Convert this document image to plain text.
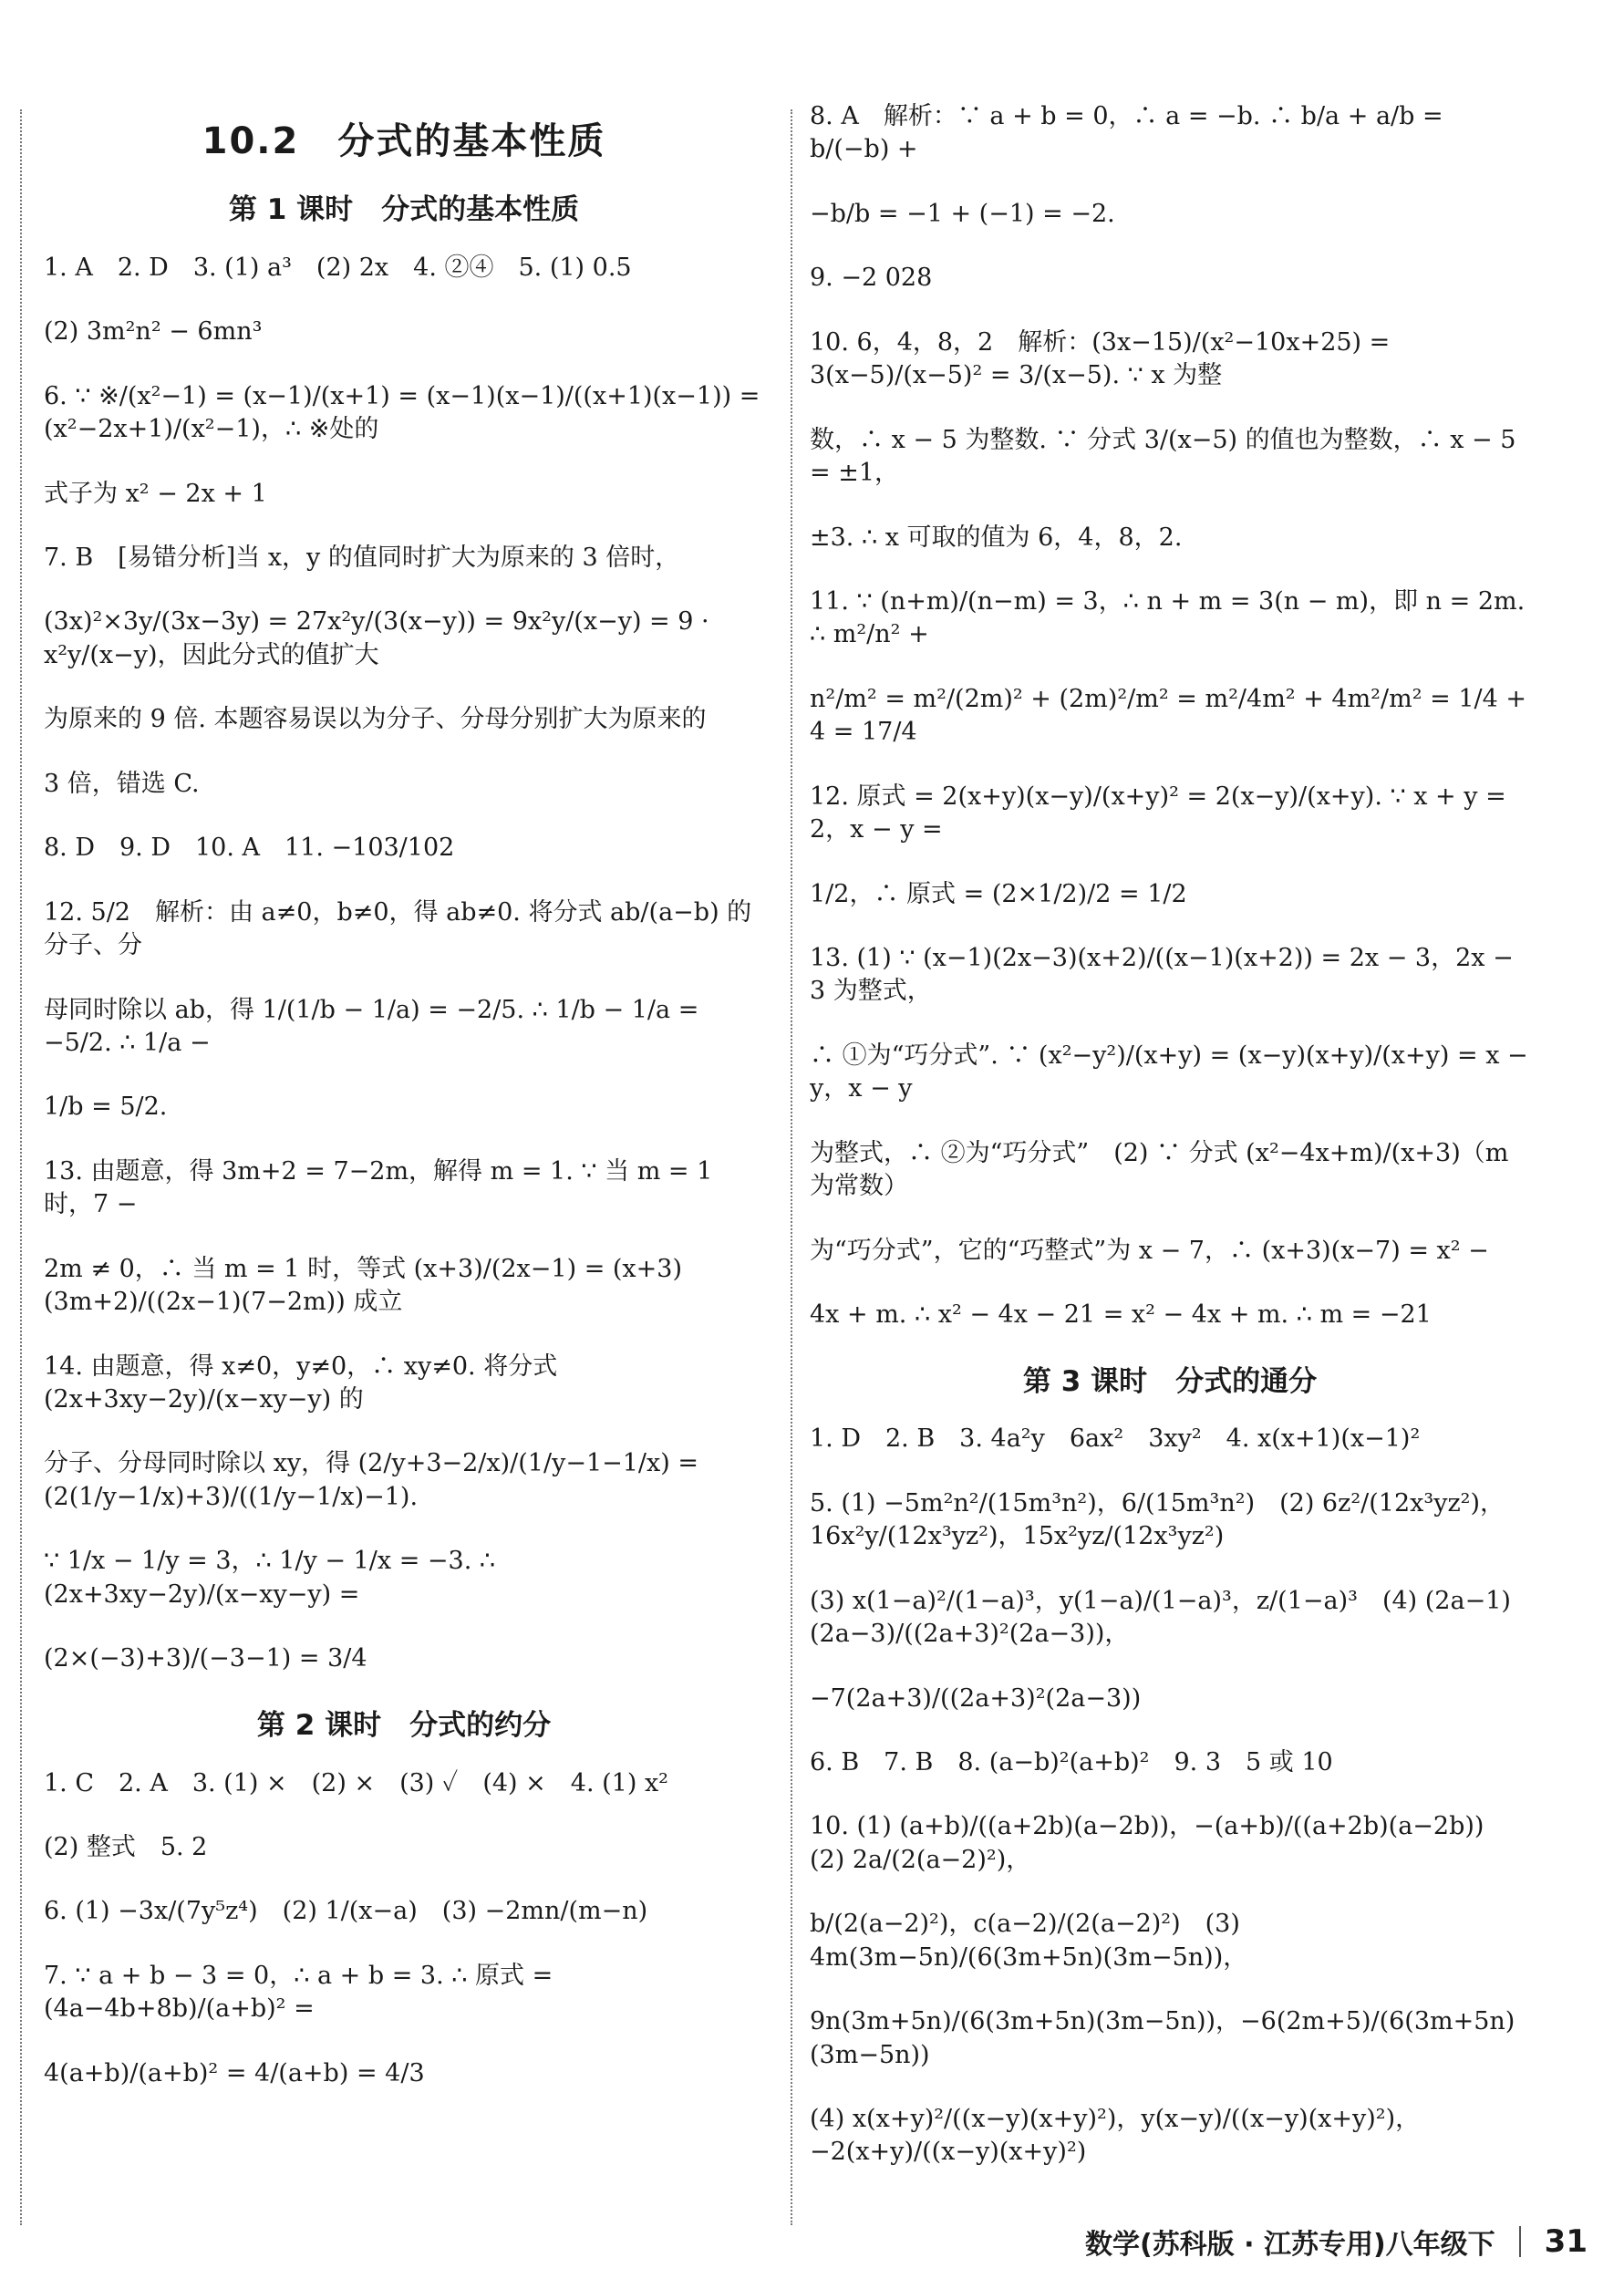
10.2　分式的基本性质
第 1 课时　分式的基本性质
1. A　2. D　3. (1) a³　(2) 2x　4. ②④　5. (1) 0.5
(2) 3m²n² − 6mn³
6. ∵ ※/(x²−1) = (x−1)/(x+1) = (x−1)(x−1)/((x+1)(x−1)) = (x²−2x+1)/(x²−1)，∴ ※处的
式子为 x² − 2x + 1
7. B　[易错分析]当 x，y 的值同时扩大为原来的 3 倍时，
(3x)²×3y/(3x−3y) = 27x²y/(3(x−y)) = 9x²y/(x−y) = 9 · x²y/(x−y)，因此分式的值扩大
为原来的 9 倍. 本题容易误以为分子、分母分别扩大为原来的
3 倍，错选 C.
8. D　9. D　10. A　11. −103/102
12. 5/2　解析：由 a≠0，b≠0，得 ab≠0. 将分式 ab/(a−b) 的分子、分
母同时除以 ab，得 1/(1/b − 1/a) = −2/5. ∴ 1/b − 1/a = −5/2. ∴ 1/a −
1/b = 5/2.
13. 由题意，得 3m+2 = 7−2m，解得 m = 1. ∵ 当 m = 1 时，7 −
2m ≠ 0，∴ 当 m = 1 时，等式 (x+3)/(2x−1) = (x+3)(3m+2)/((2x−1)(7−2m)) 成立
14. 由题意，得 x≠0，y≠0，∴ xy≠0. 将分式 (2x+3xy−2y)/(x−xy−y) 的
分子、分母同时除以 xy，得 (2/y+3−2/x)/(1/y−1−1/x) = (2(1/y−1/x)+3)/((1/y−1/x)−1).
∵ 1/x − 1/y = 3，∴ 1/y − 1/x = −3. ∴ (2x+3xy−2y)/(x−xy−y) =
(2×(−3)+3)/(−3−1) = 3/4
第 2 课时　分式的约分
1. C　2. A　3. (1) ×　(2) ×　(3) ✓　(4) ×　4. (1) x²
(2) 整式　5. 2
6. (1) −3x/(7y⁵z⁴)　(2) 1/(x−a)　(3) −2mn/(m−n)
7. ∵ a + b − 3 = 0，∴ a + b = 3. ∴ 原式 = (4a−4b+8b)/(a+b)² =
4(a+b)/(a+b)² = 4/(a+b) = 4/3
8. A　解析：∵ a + b = 0，∴ a = −b. ∴ b/a + a/b = b/(−b) +
−b/b = −1 + (−1) = −2.
9. −2 028
10. 6，4，8，2　解析：(3x−15)/(x²−10x+25) = 3(x−5)/(x−5)² = 3/(x−5). ∵ x 为整
数，∴ x − 5 为整数. ∵ 分式 3/(x−5) 的值也为整数，∴ x − 5 = ±1，
±3. ∴ x 可取的值为 6，4，8，2.
11. ∵ (n+m)/(n−m) = 3，∴ n + m = 3(n − m)，即 n = 2m. ∴ m²/n² +
n²/m² = m²/(2m)² + (2m)²/m² = m²/4m² + 4m²/m² = 1/4 + 4 = 17/4
12. 原式 = 2(x+y)(x−y)/(x+y)² = 2(x−y)/(x+y). ∵ x + y = 2，x − y =
1/2，∴ 原式 = (2×1/2)/2 = 1/2
13. (1) ∵ (x−1)(2x−3)(x+2)/((x−1)(x+2)) = 2x − 3，2x − 3 为整式，
∴ ①为“巧分式”. ∵ (x²−y²)/(x+y) = (x−y)(x+y)/(x+y) = x − y，x − y
为整式，∴ ②为“巧分式”　(2) ∵ 分式 (x²−4x+m)/(x+3)（m 为常数）
为“巧分式”，它的“巧整式”为 x − 7，∴ (x+3)(x−7) = x² −
4x + m. ∴ x² − 4x − 21 = x² − 4x + m. ∴ m = −21
第 3 课时　分式的通分
1. D　2. B　3. 4a²y　6ax²　3xy²　4. x(x+1)(x−1)²
5. (1) −5m²n²/(15m³n²)，6/(15m³n²)　(2) 6z²/(12x³yz²)，16x²y/(12x³yz²)，15x²yz/(12x³yz²)
(3) x(1−a)²/(1−a)³，y(1−a)/(1−a)³，z/(1−a)³　(4) (2a−1)(2a−3)/((2a+3)²(2a−3))，
−7(2a+3)/((2a+3)²(2a−3))
6. B　7. B　8. (a−b)²(a+b)²　9. 3　5 或 10
10. (1) (a+b)/((a+2b)(a−2b))，−(a+b)/((a+2b)(a−2b))　(2) 2a/(2(a−2)²)，
b/(2(a−2)²)，c(a−2)/(2(a−2)²)　(3) 4m(3m−5n)/(6(3m+5n)(3m−5n))，
9n(3m+5n)/(6(3m+5n)(3m−5n))，−6(2m+5)/(6(3m+5n)(3m−5n))
(4) x(x+y)²/((x−y)(x+y)²)，y(x−y)/((x−y)(x+y)²)，−2(x+y)/((x−y)(x+y)²)
数学(苏科版 · 江苏专用)八年级下 31
